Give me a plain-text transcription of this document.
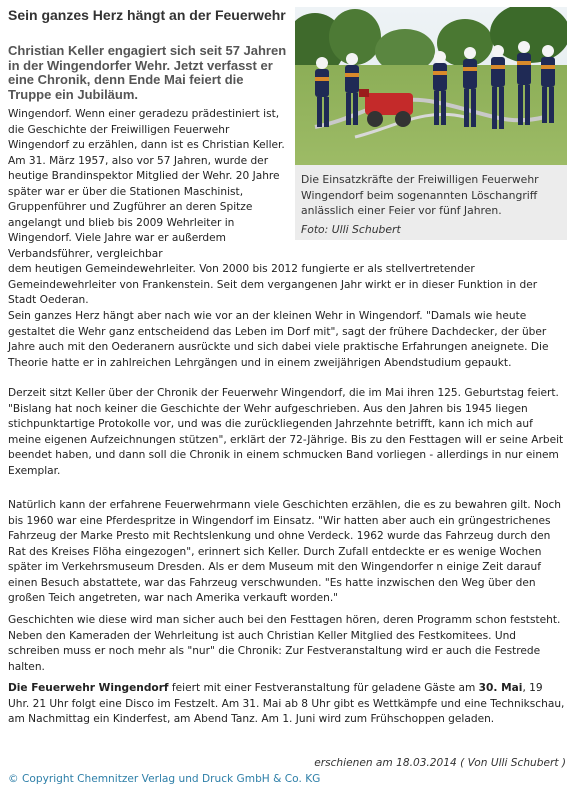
Sein ganzes Herz hängt an der Feuerwehr
Christian Keller engagiert sich seit 57 Jahren in der Wingendorfer Wehr. Jetzt verfasst er eine Chronik, denn Ende Mai feiert die Truppe ein Jubiläum.
Die Einsatzkräfte der Freiwilligen Feuerwehr Wingendorf beim sogenannten Löschangriff anlässlich einer Feier vor fünf Jahren.
Foto: Ulli Schubert
Wingendorf. Wenn einer geradezu prädestiniert ist, die Geschichte der Freiwilligen Feuerwehr Wingendorf zu erzählen, dann ist es Christian Keller. Am 31. März 1957, also vor 57 Jahren, wurde der heutige Brandinspektor Mitglied der Wehr. 20 Jahre später war er über die Stationen Maschinist, Gruppenführer und Zugführer an deren Spitze angelangt und blieb bis 2009 Wehrleiter in Wingendorf. Viele Jahre war er außerdem Verbandsführer, vergleichbar
dem heutigen Gemeindewehrleiter. Von 2000 bis 2012 fungierte er als stellvertretender Gemeindewehrleiter von Frankenstein. Seit dem vergangenen Jahr wirkt er in dieser Funktion in der Stadt Oederan.
Sein ganzes Herz hängt aber nach wie vor an der kleinen Wehr in Wingendorf. "Damals wie heute gestaltet die Wehr ganz entscheidend das Leben im Dorf mit", sagt der frühere Dachdecker, der über Jahre auch mit den Oederanern ausrückte und sich dabei viele praktische Erfahrungen aneignete. Die Theorie hatte er in zahlreichen Lehrgängen und in einem zweijährigen Abendstudium gepaukt.
Derzeit sitzt Keller über der Chronik der Feuerwehr Wingendorf, die im Mai ihren 125. Geburtstag feiert. "Bislang hat noch keiner die Geschichte der Wehr aufgeschrieben. Aus den Jahren bis 1945 liegen stichpunktartige Protokolle vor, und was die zurückliegenden Jahrzehnte betrifft, kann ich mich auf meine eigenen Aufzeichnungen stützen", erklärt der 72-Jährige. Bis zu den Festtagen will er seine Arbeit beendet haben, und dann soll die Chronik in einem schmucken Band vorliegen - allerdings in nur einem Exemplar.
Natürlich kann der erfahrene Feuerwehrmann viele Geschichten erzählen, die es zu bewahren gilt. Noch bis 1960 war eine Pferdespritze in Wingendorf im Einsatz. "Wir hatten aber auch ein grüngestrichenes Fahrzeug der Marke Presto mit Rechtslenkung und ohne Verdeck. 1962 wurde das Fahrzeug durch den Rat des Kreises Flöha eingezogen", erinnert sich Keller. Durch Zufall entdeckte er es wenige Wochen später im Verkehrsmuseum Dresden. Als er dem Museum mit den Wingendorfer n einige Zeit darauf einen Besuch abstattete, war das Fahrzeug verschwunden. "Es hatte inzwischen den Weg über den großen Teich angetreten, war nach Amerika verkauft worden."
Geschichten wie diese wird man sicher auch bei den Festtagen hören, deren Programm schon feststeht. Neben den Kameraden der Wehrleitung ist auch Christian Keller Mitglied des Festkomitees. Und schreiben muss er noch mehr als "nur" die Chronik: Zur Festveranstaltung wird er auch die Festrede halten.
Die Feuerwehr Wingendorf feiert mit einer Festveranstaltung für geladene Gäste am 30. Mai, 19 Uhr. 21 Uhr folgt eine Disco im Festzelt. Am 31. Mai ab 8 Uhr gibt es Wettkämpfe und eine Technikschau, am Nachmittag ein Kinderfest, am Abend Tanz. Am 1. Juni wird zum Frühschoppen geladen.
erschienen am 18.03.2014 ( Von Ulli Schubert )
© Copyright Chemnitzer Verlag und Druck GmbH & Co. KG
